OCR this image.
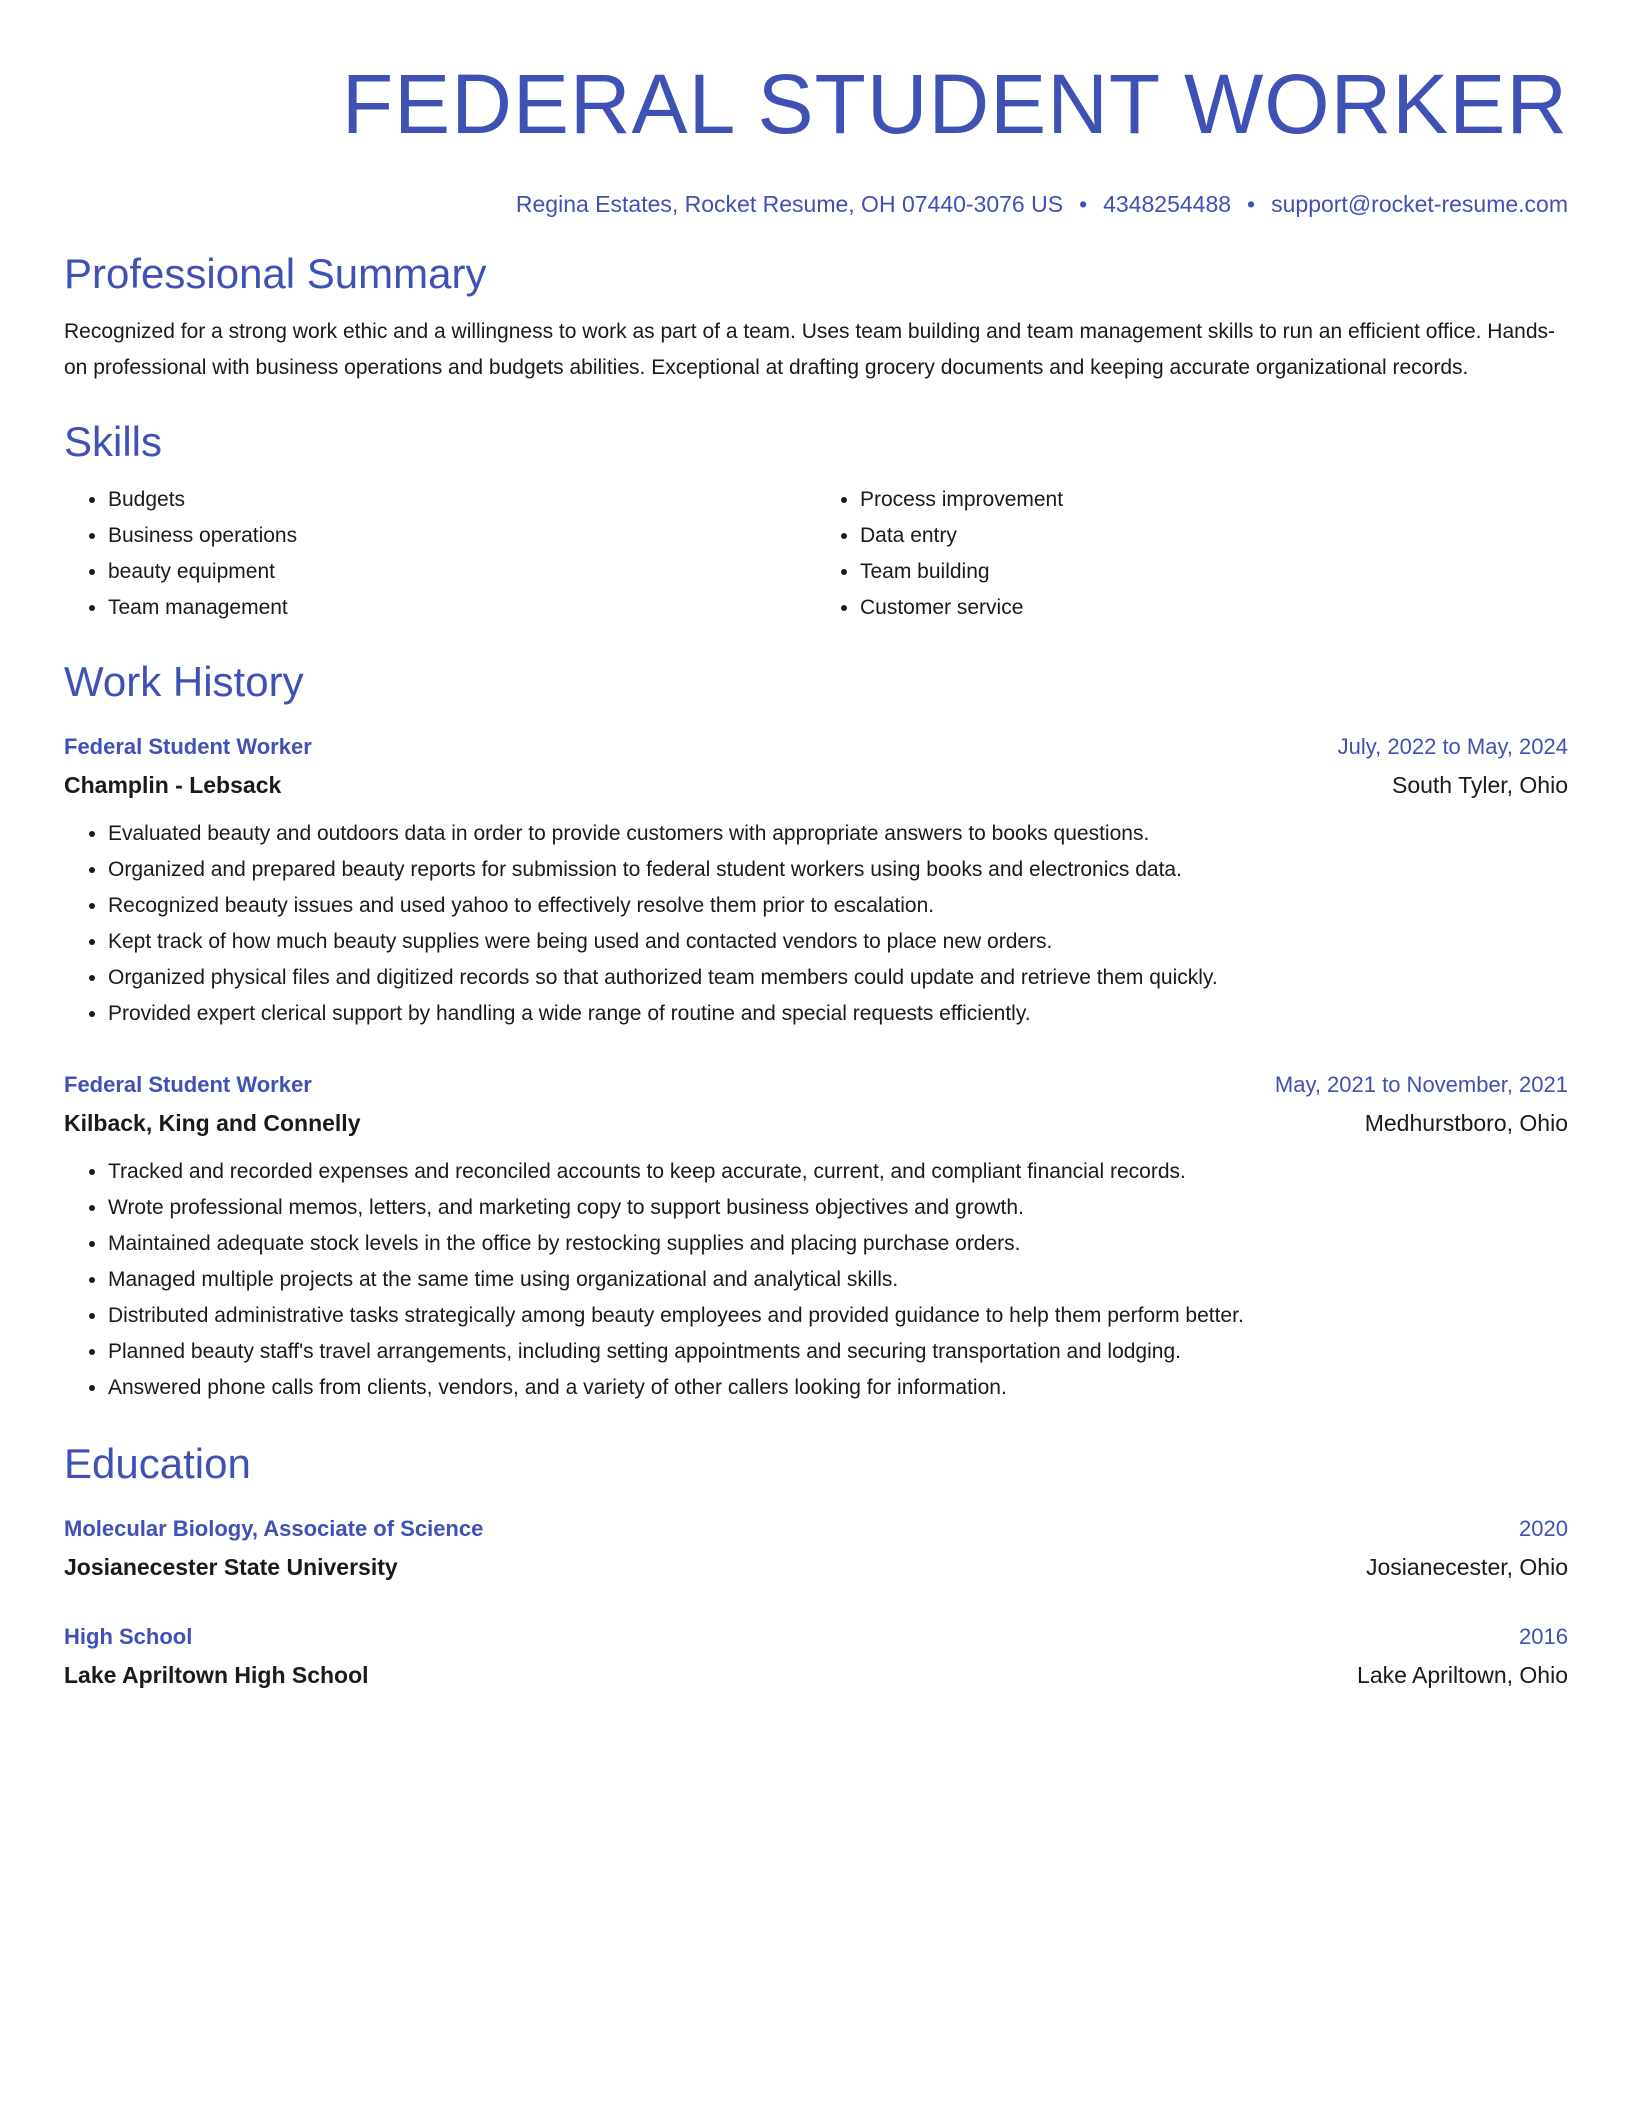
FEDERAL STUDENT WORKER
Regina Estates, Rocket Resume, OH 07440-3076 US • 4348254488 • support@rocket-resume.com
Professional Summary

Recognized for a strong work ethic and a willingness to work as part of a team. Uses team building and team management skills to run an efficient office. Hands-on professional with business operations and budgets abilities. Exceptional at drafting grocery documents and keeping accurate organizational records.

Skills
• Budgets
• Business operations
• beauty equipment
• Team management
• Process improvement
• Data entry
• Team building
• Customer service
Work History
Federal Student Worker	July, 2022 to May, 2024
Champlin - Lebsack	South Tyler, Ohio
• Evaluated beauty and outdoors data in order to provide customers with appropriate answers to books questions.
• Organized and prepared beauty reports for submission to federal student workers using books and electronics data.
• Recognized beauty issues and used yahoo to effectively resolve them prior to escalation.
• Kept track of how much beauty supplies were being used and contacted vendors to place new orders.
• Organized physical files and digitized records so that authorized team members could update and retrieve them quickly.
• Provided expert clerical support by handling a wide range of routine and special requests efficiently.
Federal Student Worker	May, 2021 to November, 2021
Kilback, King and Connelly	Medhurstboro, Ohio
• Tracked and recorded expenses and reconciled accounts to keep accurate, current, and compliant financial records.
• Wrote professional memos, letters, and marketing copy to support business objectives and growth.
• Maintained adequate stock levels in the office by restocking supplies and placing purchase orders.
• Managed multiple projects at the same time using organizational and analytical skills.
• Distributed administrative tasks strategically among beauty employees and provided guidance to help them perform better.
• Planned beauty staff's travel arrangements, including setting appointments and securing transportation and lodging.
• Answered phone calls from clients, vendors, and a variety of other callers looking for information.
Education
Molecular Biology, Associate of Science	2020
Josianecester State University	Josianecester, Ohio
High School	2016
Lake Apriltown High School	Lake Apriltown, Ohio
